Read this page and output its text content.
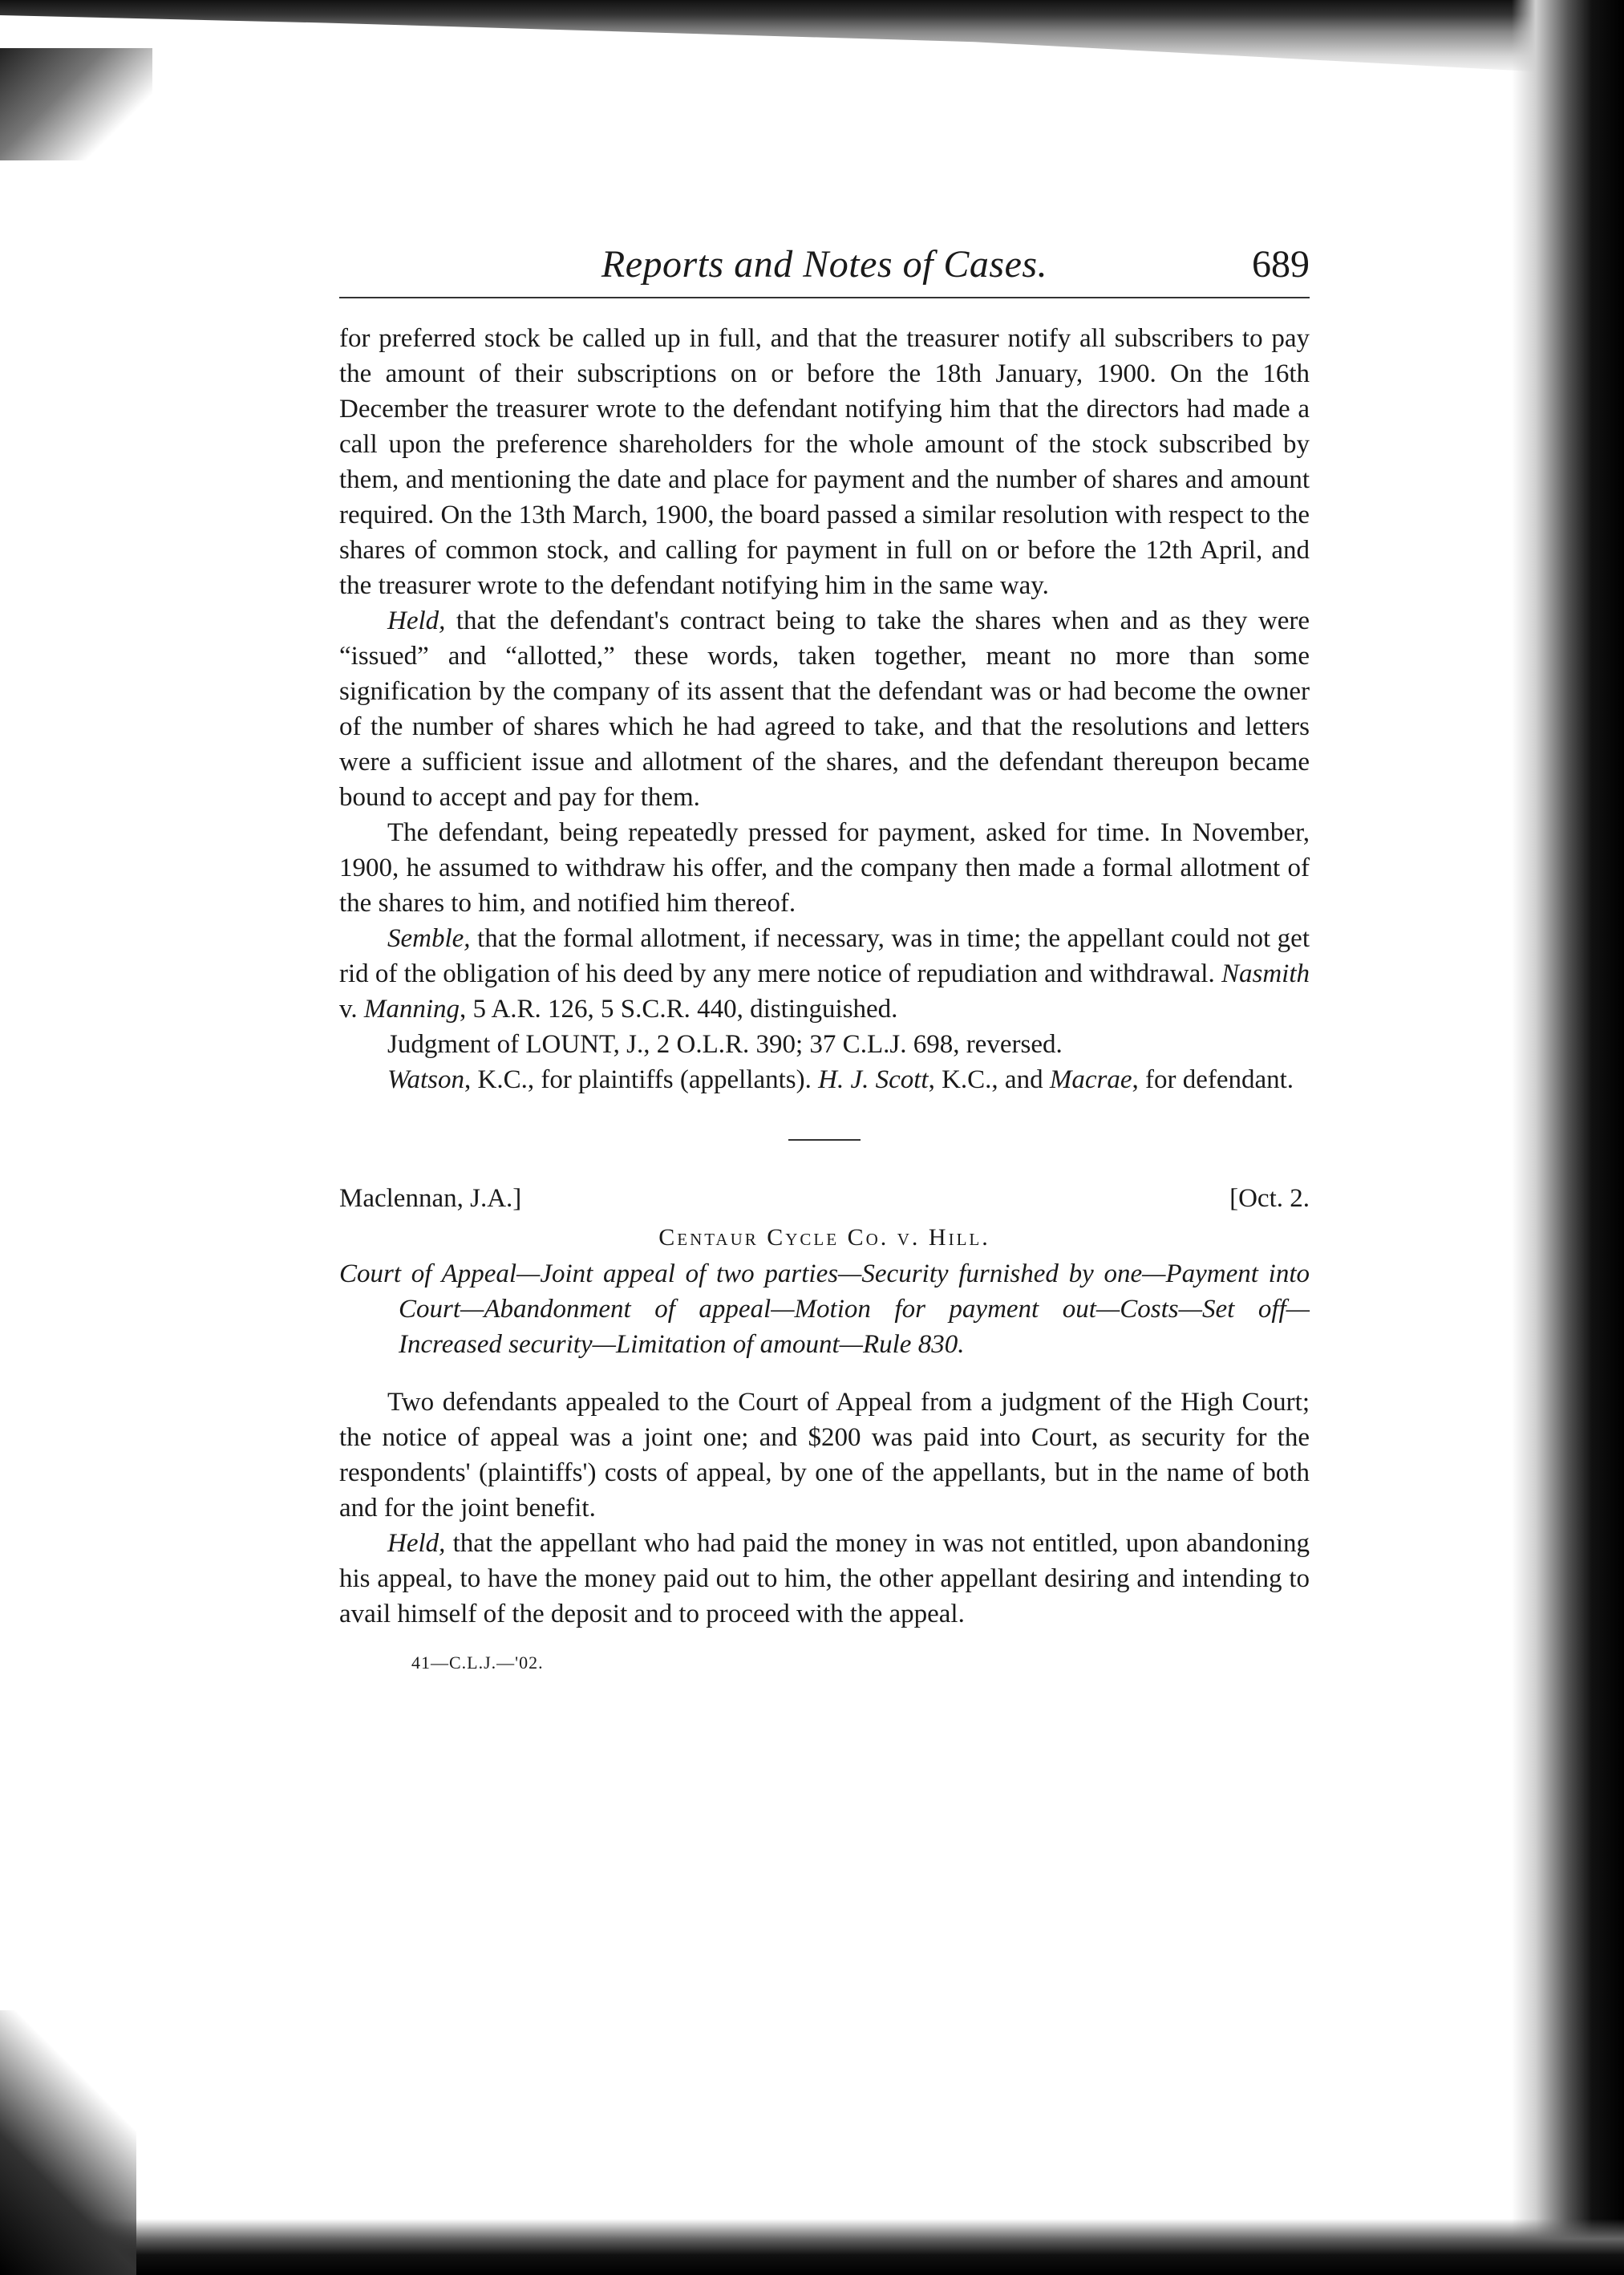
Reports and Notes of Cases.	689

for preferred stock be called up in full, and that the treasurer notify all subscribers to pay the amount of their subscriptions on or before the 18th January, 1900. On the 16th December the treasurer wrote to the defendant notifying him that the directors had made a call upon the preference shareholders for the whole amount of the stock subscribed by them, and mentioning the date and place for payment and the number of shares and amount required. On the 13th March, 1900, the board passed a similar resolution with respect to the shares of common stock, and calling for payment in full on or before the 12th April, and the treasurer wrote to the defendant notifying him in the same way.

Held, that the defendant's contract being to take the shares when and as they were “issued” and “allotted,” these words, taken together, meant no more than some signification by the company of its assent that the defendant was or had become the owner of the number of shares which he had agreed to take, and that the resolutions and letters were a sufficient issue and allotment of the shares, and the defendant thereupon became bound to accept and pay for them.

The defendant, being repeatedly pressed for payment, asked for time. In November, 1900, he assumed to withdraw his offer, and the company then made a formal allotment of the shares to him, and notified him thereof.

Semble, that the formal allotment, if necessary, was in time; the appellant could not get rid of the obligation of his deed by any mere notice of repudiation and withdrawal. Nasmith v. Manning, 5 A.R. 126, 5 S.C.R. 440, distinguished.

Judgment of LOUNT, J., 2 O.L.R. 390; 37 C.L.J. 698, reversed.

Watson, K.C., for plaintiffs (appellants). H. J. Scott, K.C., and Macrae, for defendant.

Maclennan, J.A.]	[Oct. 2.
Centaur Cycle Co. v. Hill.
Court of Appeal—Joint appeal of two parties—Security furnished by one—Payment into Court—Abandonment of appeal—Motion for payment out—Costs—Set off—Increased security—Limitation of amount—Rule 830.

Two defendants appealed to the Court of Appeal from a judgment of the High Court; the notice of appeal was a joint one; and $200 was paid into Court, as security for the respondents' (plaintiffs') costs of appeal, by one of the appellants, but in the name of both and for the joint benefit.

Held, that the appellant who had paid the money in was not entitled, upon abandoning his appeal, to have the money paid out to him, the other appellant desiring and intending to avail himself of the deposit and to proceed with the appeal.

41—C.L.J.—'02.
